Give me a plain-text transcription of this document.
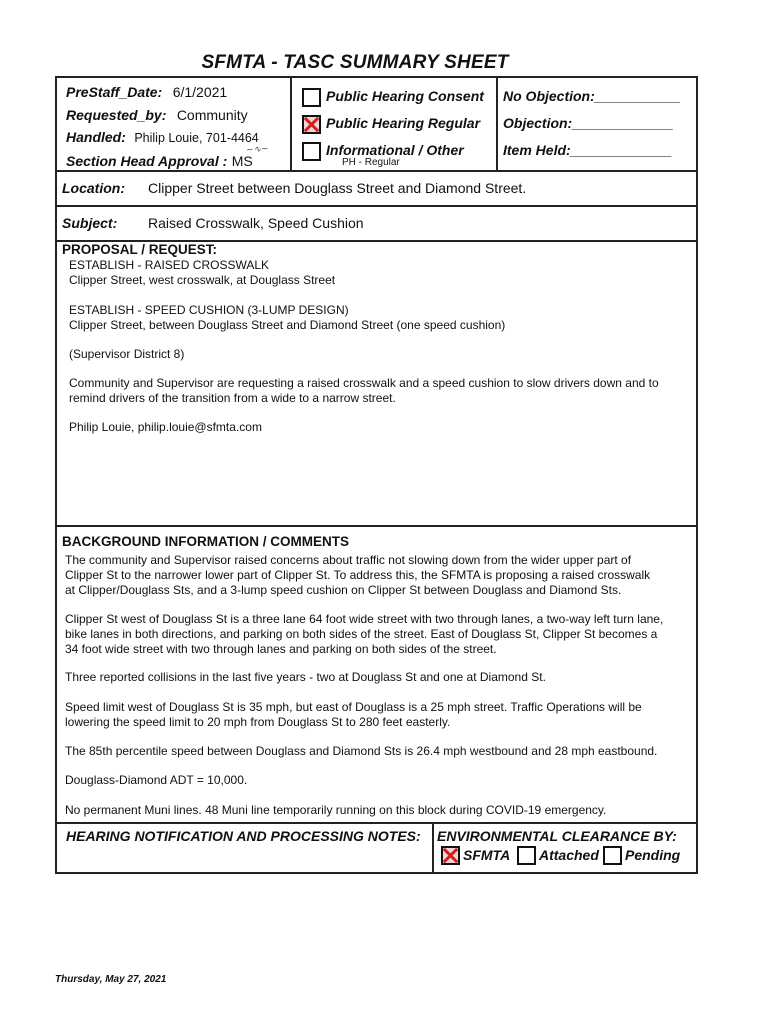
SFMTA - TASC SUMMARY SHEET
PreStaff_Date: 6/1/2021
Requested_by: Community
Handled: Philip Louie, 701-4464
Section Head Approval : MS
~∿~
Public Hearing Consent
Public Hearing Regular
Informational / Other
PH - Regular
No Objection:___________
Objection:_____________
Item Held:_____________
Location: Clipper Street between Douglass Street and Diamond Street.
Subject: Raised Crosswalk, Speed Cushion
PROPOSAL / REQUEST:
ESTABLISH - RAISED CROSSWALK
Clipper Street, west crosswalk, at Douglass Street
ESTABLISH - SPEED CUSHION (3-LUMP DESIGN)
Clipper Street, between Douglass Street and Diamond Street (one speed cushion)
(Supervisor District 8)
Community and Supervisor are requesting a raised crosswalk and a speed cushion to slow drivers down and to
remind drivers of the transition from a wide to a narrow street.
Philip Louie, philip.louie@sfmta.com
BACKGROUND INFORMATION / COMMENTS
The community and Supervisor raised concerns about traffic not slowing down from the wider upper part of
Clipper St to the narrower lower part of Clipper St. To address this, the SFMTA is proposing a raised crosswalk
at Clipper/Douglass Sts, and a 3-lump speed cushion on Clipper St between Douglass and Diamond Sts.
Clipper St west of Douglass St is a three lane 64 foot wide street with two through lanes, a two-way left turn lane,
bike lanes in both directions, and parking on both sides of the street. East of Douglass St, Clipper St becomes a
34 foot wide street with two through lanes and parking on both sides of the street.
Three reported collisions in the last five years - two at Douglass St and one at Diamond St.
Speed limit west of Douglass St is 35 mph, but east of Douglass is a 25 mph street. Traffic Operations will be
lowering the speed limit to 20 mph from Douglass St to 280 feet easterly.
The 85th percentile speed between Douglass and Diamond Sts is 26.4 mph westbound and 28 mph eastbound.
Douglass-Diamond ADT = 10,000.
No permanent Muni lines. 48 Muni line temporarily running on this block during COVID-19 emergency.
HEARING NOTIFICATION AND PROCESSING NOTES: ENVIRONMENTAL CLEARANCE BY:
SFMTA Attached Pending
Thursday, May 27, 2021
